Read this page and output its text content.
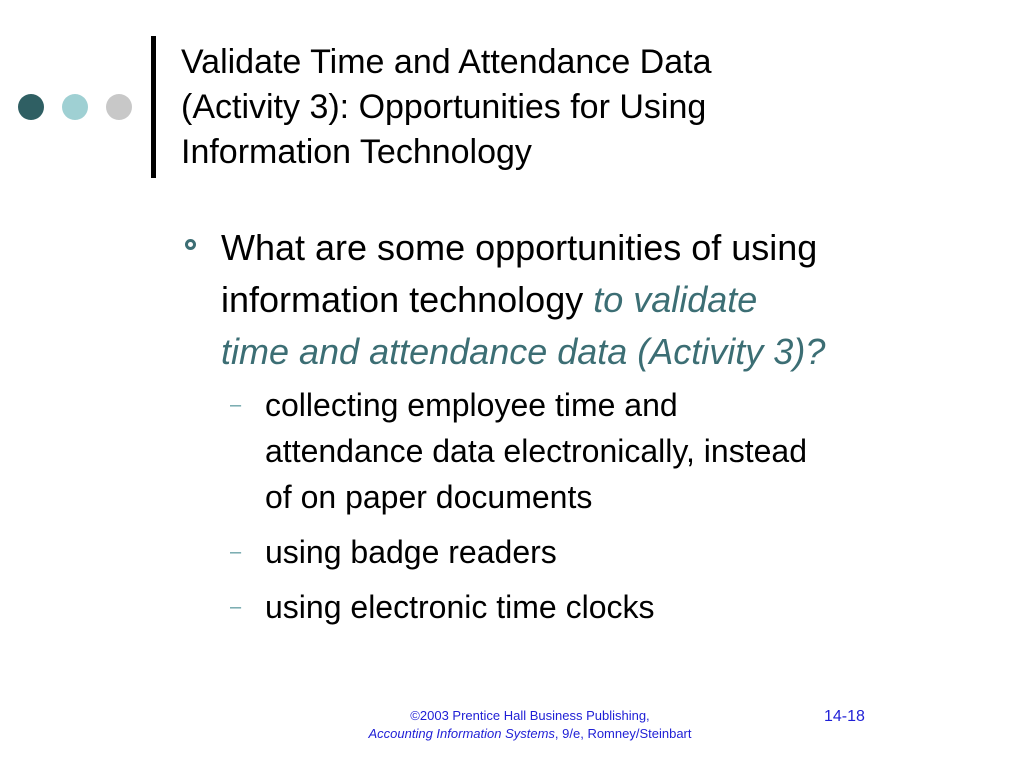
Validate Time and Attendance Data
(Activity 3): Opportunities for Using
Information Technology
What are some opportunities of using
information technology to validate
time and attendance data (Activity 3)?
– collecting employee time and
attendance data electronically, instead
of on paper documents
– using badge readers
– using electronic time clocks
©2003 Prentice Hall Business Publishing,
Accounting Information Systems, 9/e, Romney/Steinbart
14-18
